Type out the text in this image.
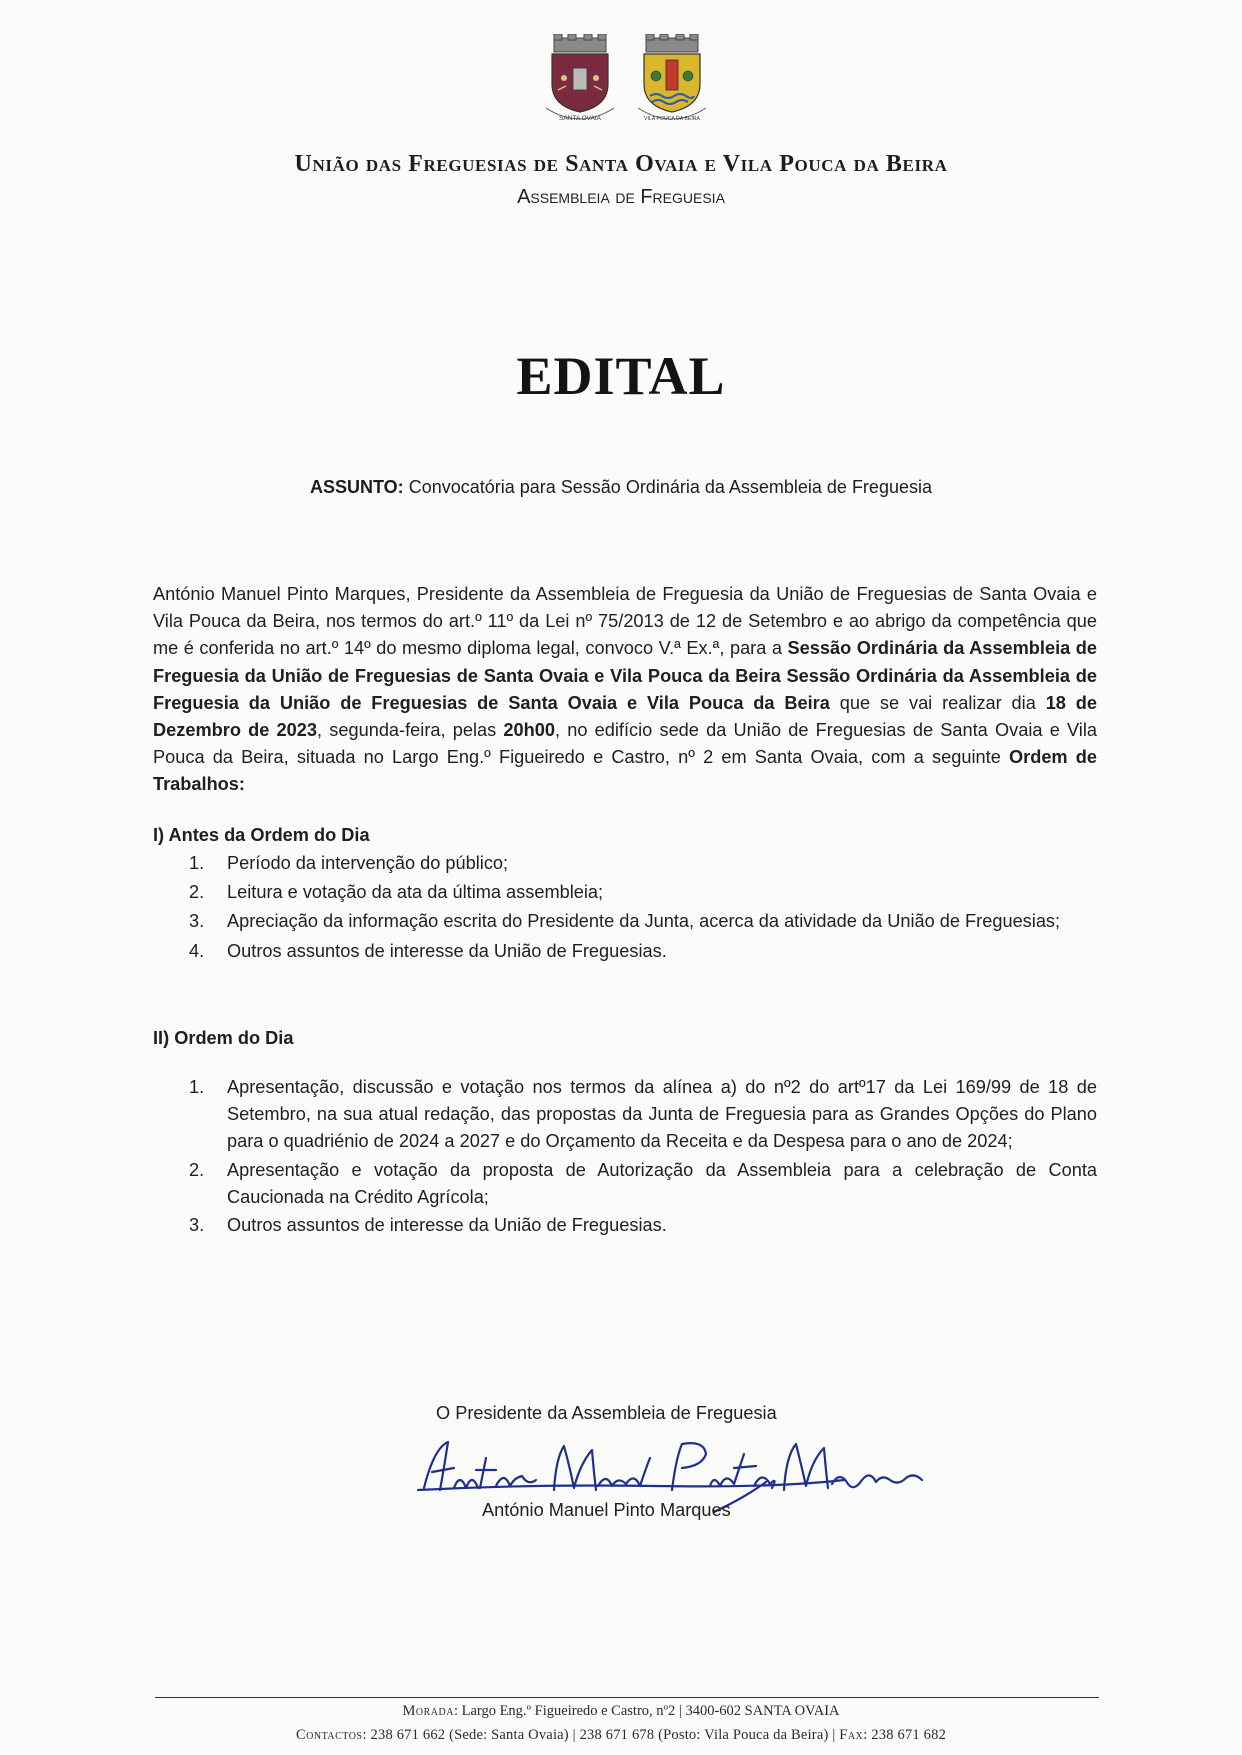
SANTA OVAIA	VILA POUCA DA BEIRA
União das Freguesias de Santa Ovaia e Vila Pouca da Beira
Assembleia de Freguesia
EDITAL
ASSUNTO: Convocatória para Sessão Ordinária da Assembleia de Freguesia
António Manuel Pinto Marques, Presidente da Assembleia de Freguesia da União de Freguesias de Santa Ovaia e Vila Pouca da Beira, nos termos do art.º 11º da Lei nº 75/2013 de 12 de Setembro e ao abrigo da competência que me é conferida no art.º 14º do mesmo diploma legal, convoco V.ª Ex.ª, para a Sessão Ordinária da Assembleia de Freguesia da União de Freguesias de Santa Ovaia e Vila Pouca da Beira Sessão Ordinária da Assembleia de Freguesia da União de Freguesias de Santa Ovaia e Vila Pouca da Beira que se vai realizar dia 18 de Dezembro de 2023, segunda-feira, pelas 20h00, no edifício sede da União de Freguesias de Santa Ovaia e Vila Pouca da Beira, situada no Largo Eng.º Figueiredo e Castro, nº 2 em Santa Ovaia, com a seguinte Ordem de Trabalhos:
I) Antes da Ordem do Dia
1. Período da intervenção do público;
2. Leitura e votação da ata da última assembleia;
3. Apreciação da informação escrita do Presidente da Junta, acerca da atividade da União de Freguesias;
4. Outros assuntos de interesse da União de Freguesias.
II) Ordem do Dia
1. Apresentação, discussão e votação nos termos da alínea a) do nº2 do artº17 da Lei 169/99 de 18 de Setembro, na sua atual redação, das propostas da Junta de Freguesia para as Grandes Opções do Plano para o quadriénio de 2024 a 2027 e do Orçamento da Receita e da Despesa para o ano de 2024;
2. Apresentação e votação da proposta de Autorização da Assembleia para a celebração de Conta Caucionada na Crédito Agrícola;
3. Outros assuntos de interesse da União de Freguesias.
O Presidente da Assembleia de Freguesia
António Manuel Pinto Marques
Morada: Largo Eng.º Figueiredo e Castro, nº2 | 3400-602 SANTA OVAIA
Contactos: 238 671 662 (Sede: Santa Ovaia) | 238 671 678 (Posto: Vila Pouca da Beira) | Fax: 238 671 682
